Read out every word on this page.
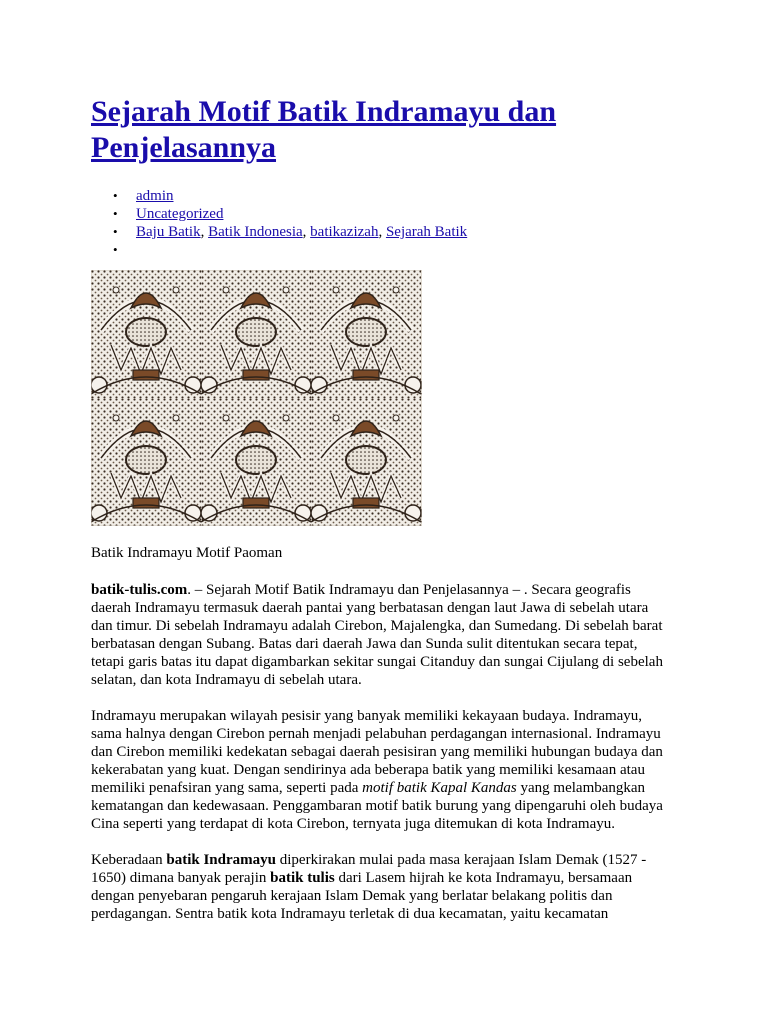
Sejarah Motif Batik Indramayu dan Penjelasannya
• admin
• Uncategorized
• Baju Batik, Batik Indonesia, batikazizah, Sejarah Batik
•
Batik Indramayu Motif Paoman

batik-tulis.com. – Sejarah Motif Batik Indramayu dan Penjelasannya – . Secara geografis daerah Indramayu termasuk daerah pantai yang berbatasan dengan laut Jawa di sebelah utara dan timur. Di sebelah Indramayu adalah Cirebon, Majalengka, dan Sumedang. Di sebelah barat berbatasan dengan Subang. Batas dari daerah Jawa dan Sunda sulit ditentukan secara tepat, tetapi garis batas itu dapat digambarkan sekitar sungai Citanduy dan sungai Cijulang di sebelah selatan, dan kota Indramayu di sebelah utara.

Indramayu merupakan wilayah pesisir yang banyak memiliki kekayaan budaya. Indramayu, sama halnya dengan Cirebon pernah menjadi pelabuhan perdagangan internasional. Indramayu dan Cirebon memiliki kedekatan sebagai daerah pesisiran yang memiliki hubungan budaya dan kekerabatan yang kuat. Dengan sendirinya ada beberapa batik yang memiliki kesamaan atau memiliki penafsiran yang sama, seperti pada motif batik Kapal Kandas yang melambangkan kematangan dan kedewasaan. Penggambaran motif batik burung yang dipengaruhi oleh budaya Cina seperti yang terdapat di kota Cirebon, ternyata juga ditemukan di kota Indramayu.

Keberadaan batik Indramayu diperkirakan mulai pada masa kerajaan Islam Demak (1527 - 1650) dimana banyak perajin batik tulis dari Lasem hijrah ke kota Indramayu, bersamaan dengan penyebaran pengaruh kerajaan Islam Demak yang berlatar belakang politis dan perdagangan. Sentra batik kota Indramayu terletak di dua kecamatan, yaitu kecamatan
